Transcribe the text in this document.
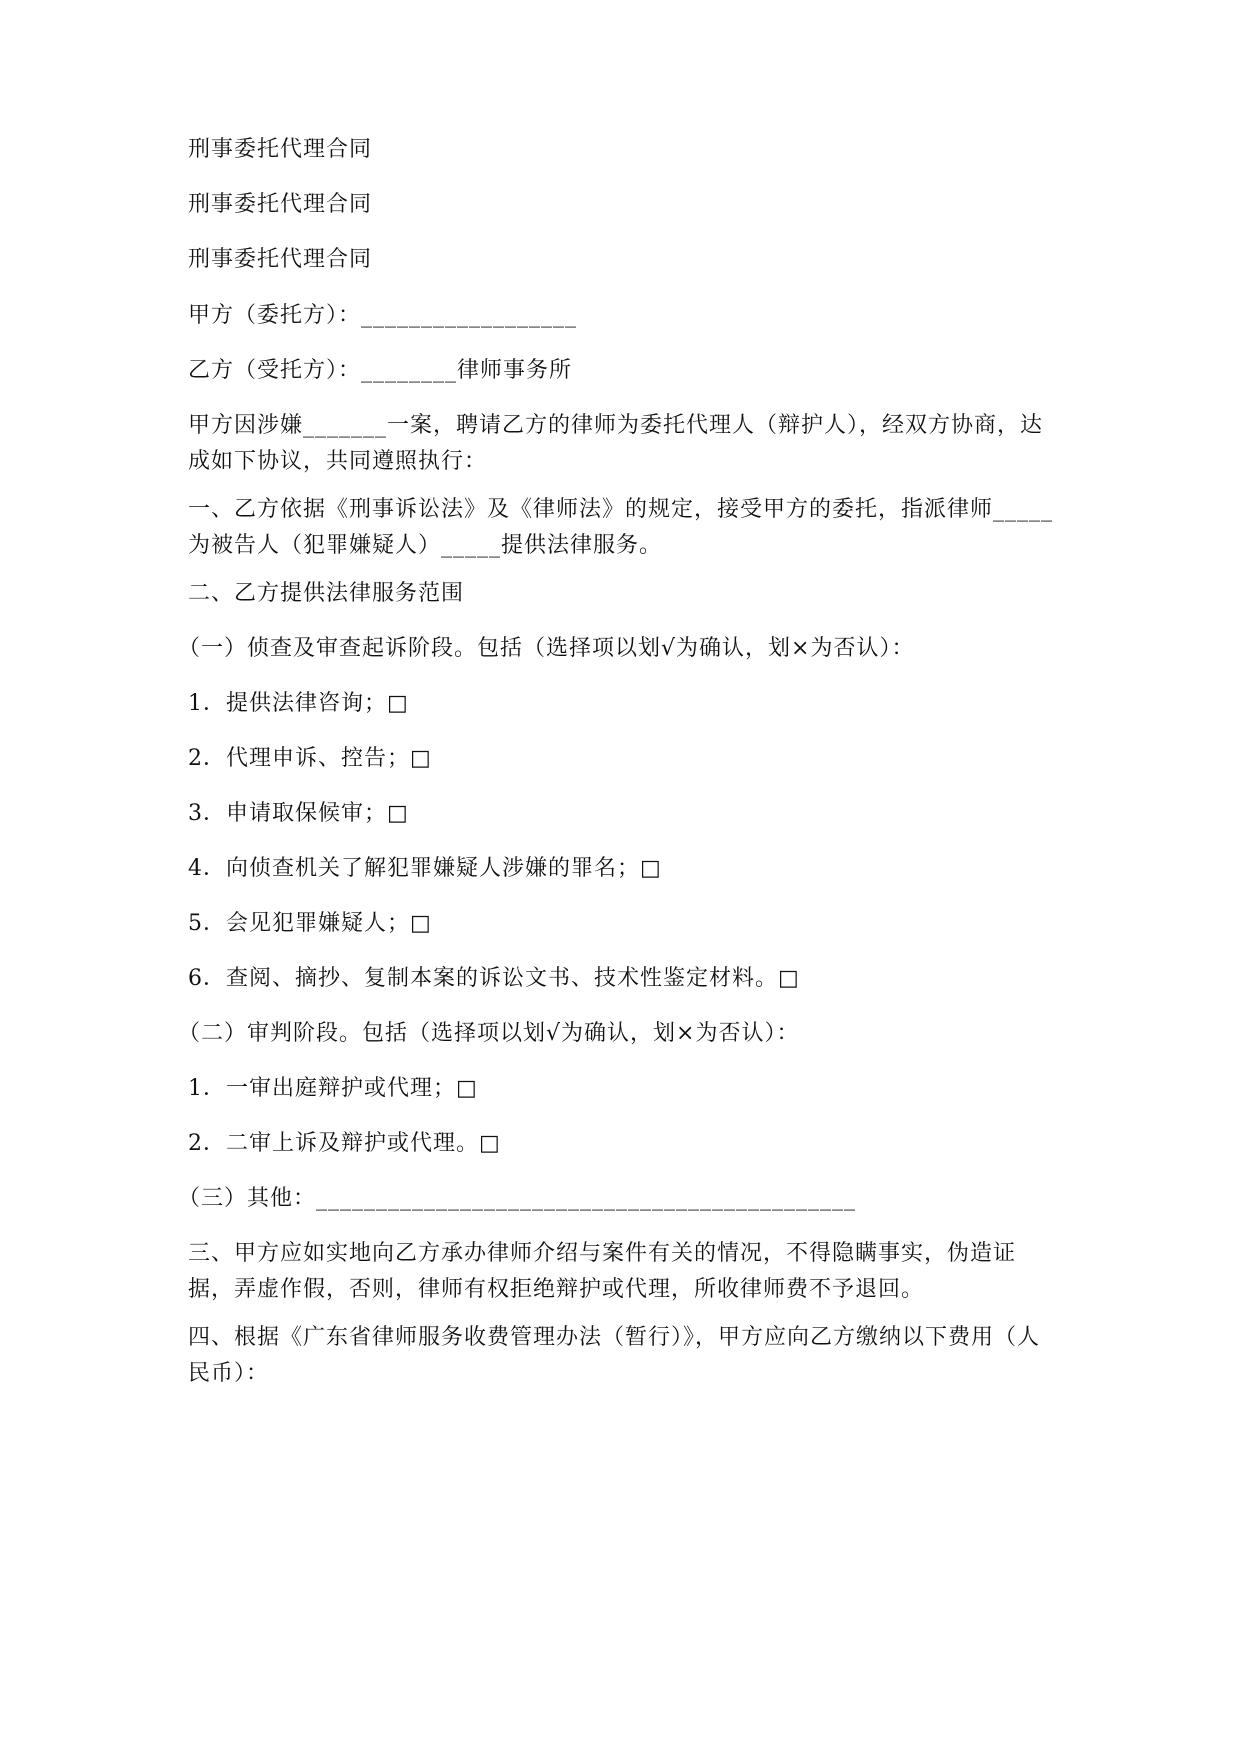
刑事委托代理合同

刑事委托代理合同

刑事委托代理合同

甲方（委托方）：__________________

乙方（受托方）：________律师事务所

甲方因涉嫌_______一案，聘请乙方的律师为委托代理人（辩护人），经双方协商，达成如下协议，共同遵照执行：

一、乙方依据《刑事诉讼法》及《律师法》的规定，接受甲方的委托，指派律师_____为被告人（犯罪嫌疑人）_____提供法律服务。

二、乙方提供法律服务范围

（一）侦查及审查起诉阶段。包括（选择项以划√为确认，划×为否认）：

1．提供法律咨询；□

2．代理申诉、控告；□

3．申请取保候审；□

4．向侦查机关了解犯罪嫌疑人涉嫌的罪名；□

5．会见犯罪嫌疑人；□

6．查阅、摘抄、复制本案的诉讼文书、技术性鉴定材料。□

（二）审判阶段。包括（选择项以划√为确认，划×为否认）：

1．一审出庭辩护或代理；□

2．二审上诉及辩护或代理。□

（三）其他：_____________________________________________

三、甲方应如实地向乙方承办律师介绍与案件有关的情况，不得隐瞒事实，伪造证据，弄虚作假，否则，律师有权拒绝辩护或代理，所收律师费不予退回。

四、根据《广东省律师服务收费管理办法（暂行）》，甲方应向乙方缴纳以下费用（人民币）：
